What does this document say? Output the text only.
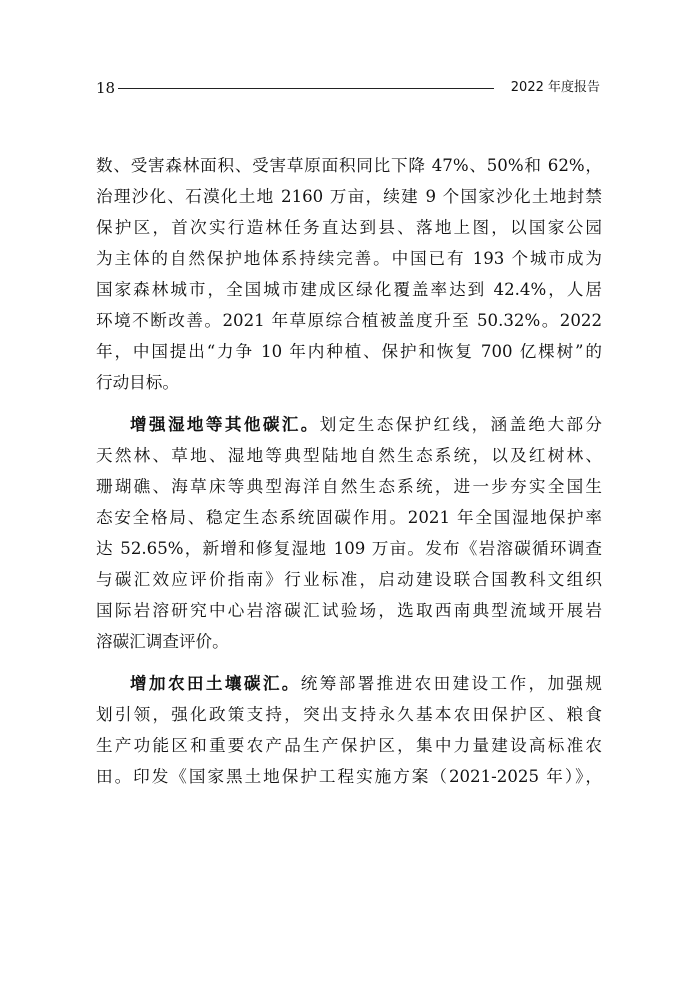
18	2022 年度报告
数、受害森林面积、受害草原面积同比下降 47%、50%和 62%，
治理沙化、石漠化土地 2160 万亩，续建 9 个国家沙化土地封禁
保护区，首次实行造林任务直达到县、落地上图，以国家公园
为主体的自然保护地体系持续完善。中国已有 193 个城市成为
国家森林城市，全国城市建成区绿化覆盖率达到 42.4%，人居
环境不断改善。2021 年草原综合植被盖度升至 50.32%。2022
年，中国提出“力争 10 年内种植、保护和恢复 700 亿棵树”的
行动目标。
增强湿地等其他碳汇。划定生态保护红线，涵盖绝大部分
天然林、草地、湿地等典型陆地自然生态系统，以及红树林、
珊瑚礁、海草床等典型海洋自然生态系统，进一步夯实全国生
态安全格局、稳定生态系统固碳作用。2021 年全国湿地保护率
达 52.65%，新增和修复湿地 109 万亩。发布《岩溶碳循环调查
与碳汇效应评价指南》行业标准，启动建设联合国教科文组织
国际岩溶研究中心岩溶碳汇试验场，选取西南典型流域开展岩
溶碳汇调查评价。
增加农田土壤碳汇。统筹部署推进农田建设工作，加强规
划引领，强化政策支持，突出支持永久基本农田保护区、粮食
生产功能区和重要农产品生产保护区，集中力量建设高标准农
田。印发《国家黑土地保护工程实施方案（2021-2025 年）》，
